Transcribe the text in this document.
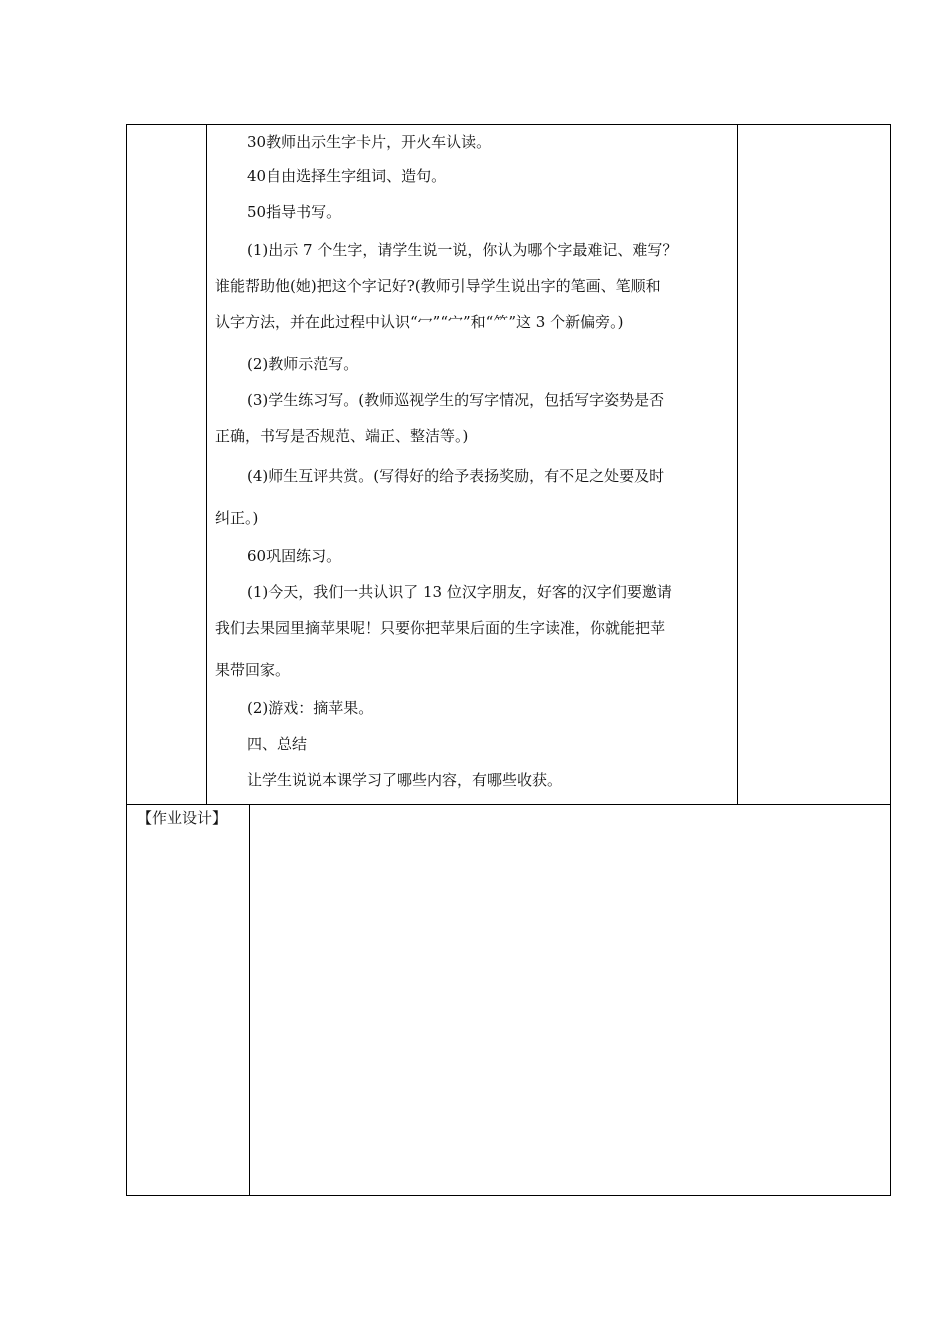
30教师出示生字卡片，开火车认读。
40自由选择生字组词、造句。
50指导书写。
(1)出示 7 个生字，请学生说一说，你认为哪个字最难记、难写？
谁能帮助他(她)把这个字记好?(教师引导学生说出字的笔画、笔顺和
认字方法，并在此过程中认识“冖”“宀”和“⺮”这 3 个新偏旁。)
(2)教师示范写。
(3)学生练习写。(教师巡视学生的写字情况，包括写字姿势是否
正确，书写是否规范、端正、整洁等。)
(4)师生互评共赏。(写得好的给予表扬奖励，有不足之处要及时
纠正。)
60巩固练习。
(1)今天，我们一共认识了 13 位汉字朋友，好客的汉字们要邀请
我们去果园里摘苹果呢！只要你把苹果后面的生字读准，你就能把苹
果带回家。
(2)游戏：摘苹果。
四、总结
让学生说说本课学习了哪些内容，有哪些收获。
【作业设计】
